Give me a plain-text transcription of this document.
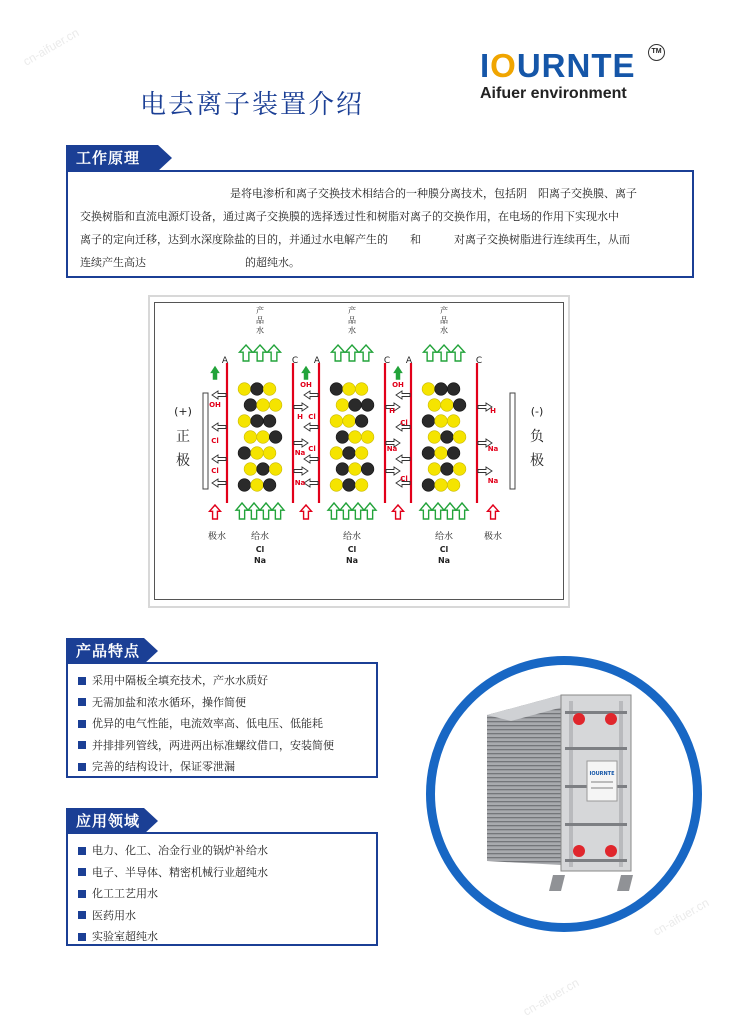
cn-aifuer.cn
cn-aifuer.cn
cn-aifuer.cn
电去离子装置介绍
IOURNTE	TM
Aifuer environment
工作原理
是将电渗析和离子交换技术相结合的一种膜分离技术，包括阴　阳离子交换膜、离子
交换树脂和直流电源灯设备，通过离子交换膜的选择透过性和树脂对离子的交换作用，在电场的作用下实现水中
离子的定向迁移，达到水深度除盐的目的，并通过水电解产生的　　和　　　对离子交换树脂进行连续再生，从而
连续产生高达　　　　　　　　　的超纯水。
(+)
正
极
(-)
负
极
A	C
产
品
水
给水
Cl
Na
A	C
产
品
水
给水
Cl
Na
A	C
产
品
水
给水
Cl
Na
OH
Cl
Cl
OH
H Cl
Cl
Na
Na
OH
H
Cl
Na
Cl
H
Na
Na
极水	极水
产品特点
采用中隔板全填充技术，产水水质好
无需加盐和浓水循环，操作简便
优异的电气性能，电流效率高、低电压、低能耗
并排排列管线，两进两出标准螺纹借口，安装简便
完善的结构设计，保证零泄漏
应用领域
电力、化工、冶金行业的锅炉补给水
电子、半导体、精密机械行业超纯水
化工工艺用水
医药用水
实验室超纯水
IOURNTE
